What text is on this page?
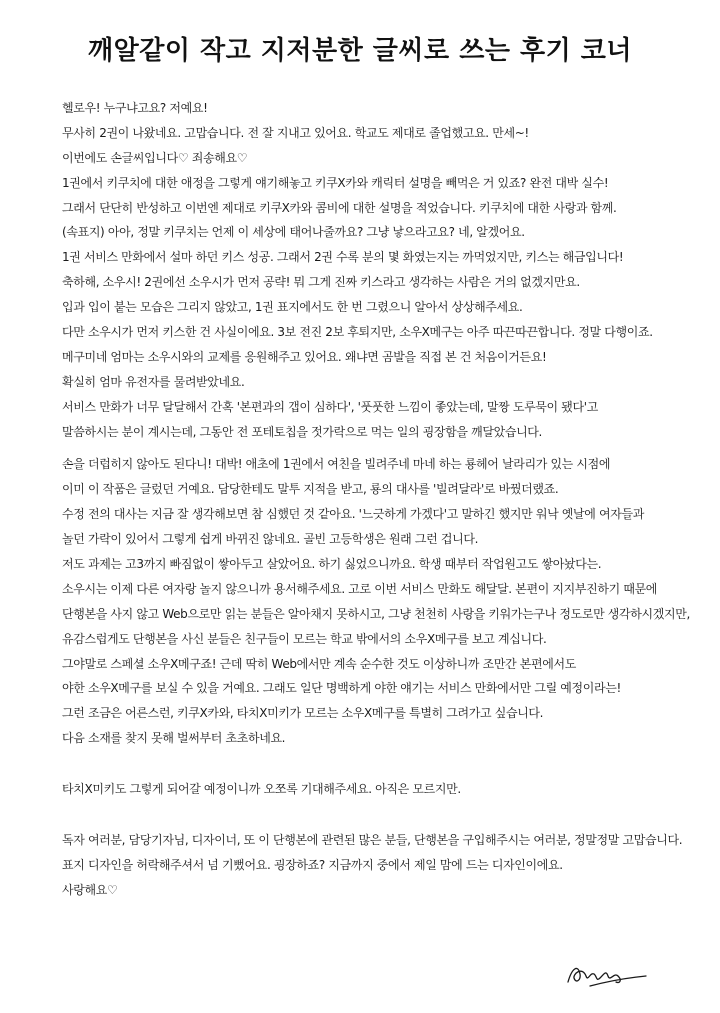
깨알같이 작고 지저분한 글씨로 쓰는 후기 코너
헬로우! 누구냐고요? 저예요!
무사히 2권이 나왔네요. 고맙습니다. 전 잘 지내고 있어요. 학교도 제대로 졸업했고요. 만세~!
이번에도 손글씨입니다♡ 죄송해요♡
1권에서 키쿠치에 대한 애정을 그렇게 얘기해놓고 키쿠X카와 캐릭터 설명을 빼먹은 거 있죠? 완전 대박 실수!
그래서 단단히 반성하고 이번엔 제대로 키쿠X카와 콤비에 대한 설명을 적었습니다. 키쿠치에 대한 사랑과 함께.
(속표지) 아아, 정말 키쿠치는 언제 이 세상에 태어나줄까요? 그냥 낳으라고요? 네, 알겠어요.
1권 서비스 만화에서 설마 하던 키스 성공. 그래서 2권 수록 분의 몇 화였는지는 까먹었지만, 키스는 해금입니다!
축하해, 소우시! 2권에선 소우시가 먼저 공략! 뭐 그게 진짜 키스라고 생각하는 사람은 거의 없겠지만요.
입과 입이 붙는 모습은 그리지 않았고, 1권 표지에서도 한 번 그렸으니 알아서 상상해주세요.
다만 소우시가 먼저 키스한 건 사실이에요. 3보 전진 2보 후퇴지만, 소우X메구는 아주 따끈따끈합니다. 정말 다행이죠.
메구미네 엄마는 소우시와의 교제를 응원해주고 있어요. 왜냐면 곰발을 직접 본 건 처음이거든요!
확실히 엄마 유전자를 물려받았네요.
서비스 만화가 너무 달달해서 간혹 '본편과의 갭이 심하다', '풋풋한 느낌이 좋았는데, 말짱 도루묵이 됐다'고
말씀하시는 분이 계시는데, 그동안 전 포테토칩을 젓가락으로 먹는 일의 굉장함을 깨달았습니다.
손을 더럽히지 않아도 된다니! 대박! 애초에 1권에서 여친을 빌려주네 마네 하는 룡헤어 날라리가 있는 시점에
이미 이 작품은 글렀던 거예요. 담당한테도 말투 지적을 받고, 룡의 대사를 '빌려달라'로 바꿨더랬죠.
수정 전의 대사는 지금 잘 생각해보면 참 심했던 것 같아요. '느긋하게 가겠다'고 말하긴 했지만 워낙 옛날에 여자들과
놀던 가락이 있어서 그렇게 쉽게 바뀌진 않네요. 골빈 고등학생은 원래 그런 겁니다.
저도 과제는 고3까지 빠짐없이 쌓아두고 살았어요. 하기 싫었으니까요. 학생 때부터 작업원고도 쌓아놨다는.
소우시는 이제 다른 여자랑 놀지 않으니까 용서해주세요. 고로 이번 서비스 만화도 해달달. 본편이 지지부진하기 때문에
단행본을 사지 않고 Web으로만 읽는 분들은 알아채지 못하시고, 그냥 천천히 사랑을 키워가는구나 정도로만 생각하시겠지만,
유감스럽게도 단행본을 사신 분들은 친구들이 모르는 학교 밖에서의 소우X메구를 보고 계십니다.
그야말로 스페셜 소우X메구죠! 근데 딱히 Web에서만 계속 순수한 것도 이상하니까 조만간 본편에서도
야한 소우X메구를 보실 수 있을 거예요. 그래도 일단 명백하게 야한 얘기는 서비스 만화에서만 그릴 예정이라는!
그런 조금은 어른스런, 키쿠X카와, 타치X미키가 모르는 소우X메구를 특별히 그려가고 싶습니다.
다음 소재를 찾지 못해 벌써부터 초초하네요.
타치X미키도 그렇게 되어갈 예정이니까 오쪼록 기대해주세요. 아직은 모르지만.
독자 여러분, 담당기자님, 디자이너, 또 이 단행본에 관련된 많은 분들, 단행본을 구입해주시는 여러분, 정말정말 고맙습니다.
표지 디자인을 허락해주셔서 넘 기뻤어요. 굉장하죠? 지금까지 중에서 제일 맘에 드는 디자인이에요.
사랑해요♡
